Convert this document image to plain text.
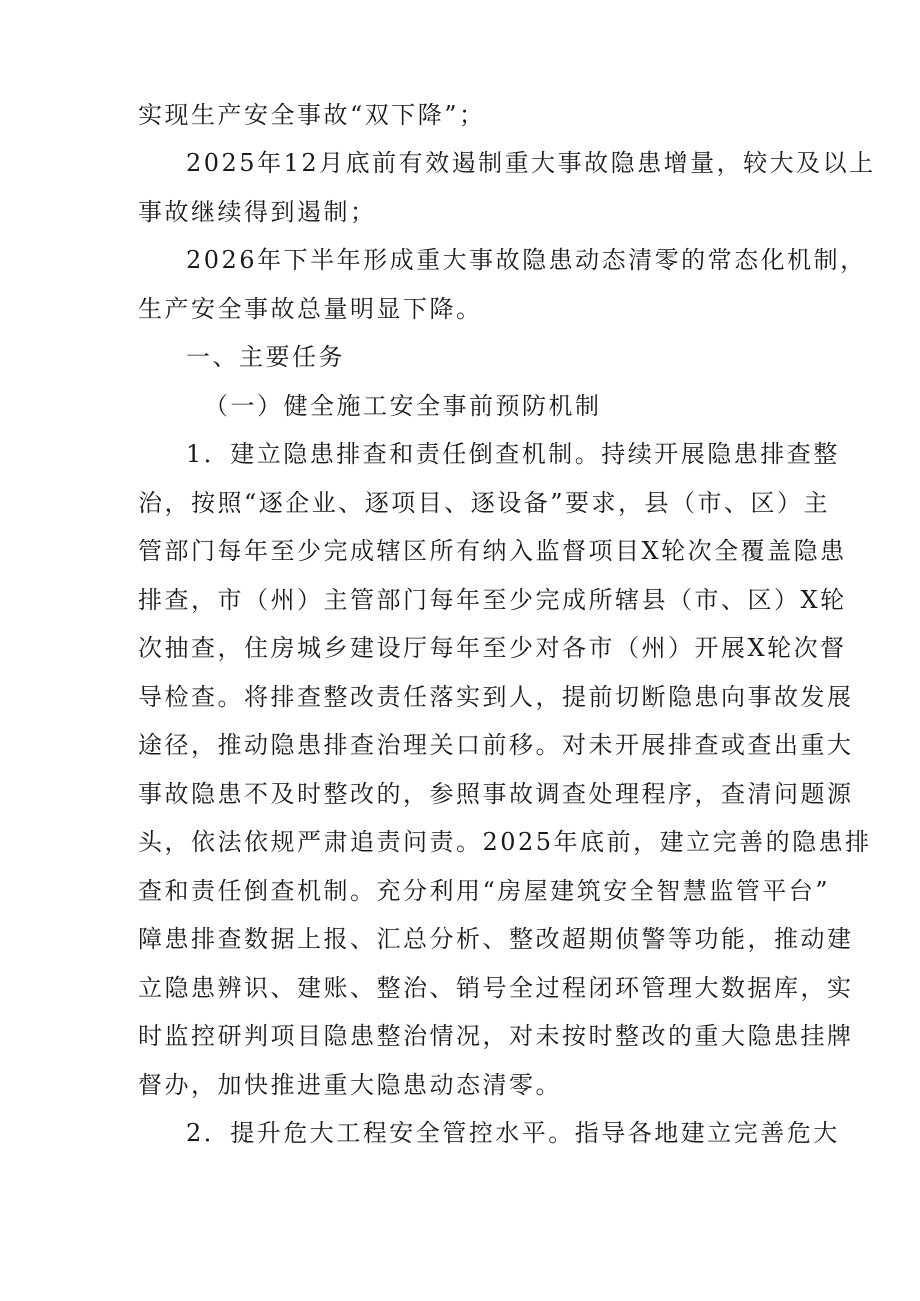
实现生产安全事故“双下降”；
2025年12月底前有效遏制重大事故隐患增量，较大及以上
事故继续得到遏制；
2026年下半年形成重大事故隐患动态清零的常态化机制，
生产安全事故总量明显下降。
一、主要任务
（一）健全施工安全事前预防机制
1．建立隐患排查和责任倒查机制。持续开展隐患排查整
治，按照“逐企业、逐项目、逐设备”要求，县（市、区）主
管部门每年至少完成辖区所有纳入监督项目X轮次全覆盖隐患
排查，市（州）主管部门每年至少完成所辖县（市、区）X轮
次抽查，住房城乡建设厅每年至少对各市（州）开展X轮次督
导检查。将排查整改责任落实到人，提前切断隐患向事故发展
途径，推动隐患排查治理关口前移。对未开展排查或查出重大
事故隐患不及时整改的，参照事故调查处理程序，查清问题源
头，依法依规严肃追责问责。2025年底前，建立完善的隐患排
查和责任倒查机制。充分利用“房屋建筑安全智慧监管平台”
障患排查数据上报、汇总分析、整改超期侦警等功能，推动建
立隐患辨识、建账、整治、销号全过程闭环管理大数据库，实
时监控研判项目隐患整治情况，对未按时整改的重大隐患挂牌
督办，加快推进重大隐患动态清零。
2．提升危大工程安全管控水平。指导各地建立完善危大
